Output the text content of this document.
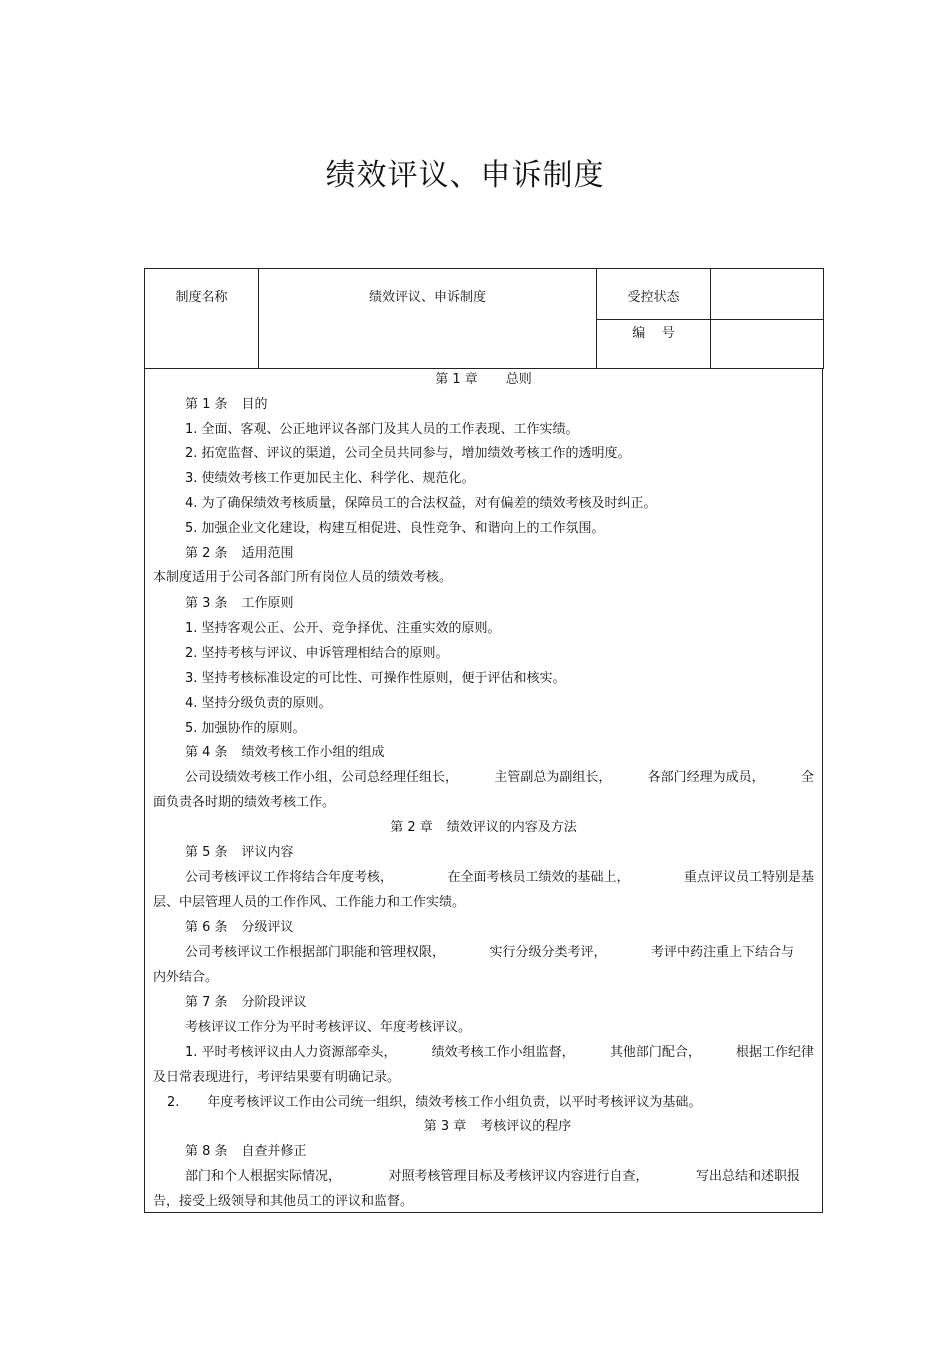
绩效评议、申诉制度
制度名称	绩效评议、申诉制度	受控状态	

		编    号	

第 1 章 总则
第 1 条 目的
1. 全面、客观、公正地评议各部门及其人员的工作表现、工作实绩。
2. 拓宽监督、评议的渠道，公司全员共同参与，增加绩效考核工作的透明度。
3. 使绩效考核工作更加民主化、科学化、规范化。
4. 为了确保绩效考核质量，保障员工的合法权益，对有偏差的绩效考核及时纠正。
5. 加强企业文化建设，构建互相促进、良性竞争、和谐向上的工作氛围。
第 2 条 适用范围
本制度适用于公司各部门所有岗位人员的绩效考核。
第 3 条 工作原则
1. 坚持客观公正、公开、竞争择优、注重实效的原则。
2. 坚持考核与评议、申诉管理相结合的原则。
3. 坚持考核标准设定的可比性、可操作性原则，便于评估和核实。
4. 坚持分级负责的原则。
5. 加强协作的原则。
第 4 条 绩效考核工作小组的组成
公司设绩效考核工作小组，公司总经理任组长，	主管副总为副组长，	各部门经理为成员，	全
面负责各时期的绩效考核工作。
第 2 章 绩效评议的内容及方法
第 5 条 评议内容
公司考核评议工作将结合年度考核，	在全面考核员工绩效的基础上，	重点评议员工特别是基
层、中层管理人员的工作作风、工作能力和工作实绩。
第 6 条 分级评议
公司考核评议工作根据部门职能和管理权限，	实行分级分类考评，	考评中药注重上下结合与
内外结合。
第 7 条 分阶段评议
考核评议工作分为平时考核评议、年度考核评议。
1. 平时考核评议由人力资源部牵头，	绩效考核工作小组监督，	其他部门配合，	根据工作纪律
及日常表现进行，考评结果要有明确记录。
2. 年度考核评议工作由公司统一组织，绩效考核工作小组负责，以平时考核评议为基础。
第 3 章 考核评议的程序
第 8 条 自查并修正
部门和个人根据实际情况，	对照考核管理目标及考核评议内容进行自查，	写出总结和述职报
告，接受上级领导和其他员工的评议和监督。
